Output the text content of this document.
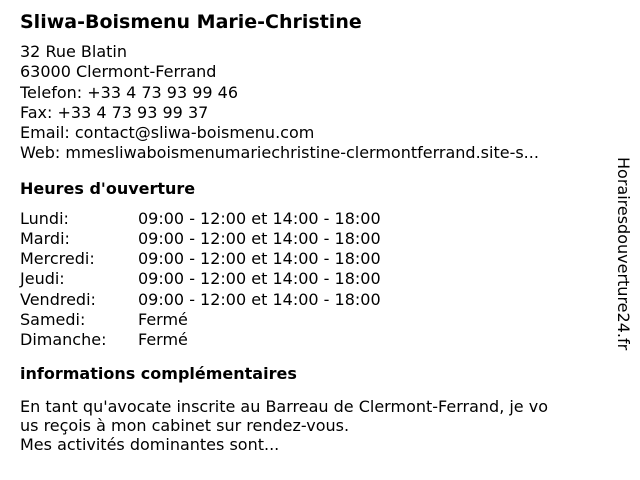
Sliwa-Boismenu Marie-Christine
32 Rue Blatin
63000 Clermont-Ferrand
Telefon: +33 4 73 93 99 46
Fax: +33 4 73 93 99 37
Email: contact@sliwa-boismenu.com
Web: mmesliwaboismenumariechristine-clermontferrand.site-s...
Heures d'ouverture
Lundi:	09:00 - 12:00 et 14:00 - 18:00
Mardi:	09:00 - 12:00 et 14:00 - 18:00
Mercredi:	09:00 - 12:00 et 14:00 - 18:00
Jeudi:	09:00 - 12:00 et 14:00 - 18:00
Vendredi:	09:00 - 12:00 et 14:00 - 18:00
Samedi:	Fermé
Dimanche:	Fermé
informations complémentaires
En tant qu'avocate inscrite au Barreau de Clermont-Ferrand, je vo
us reçois à mon cabinet sur rendez-vous.
Mes activités dominantes sont...
Horairesdouverture24.fr
